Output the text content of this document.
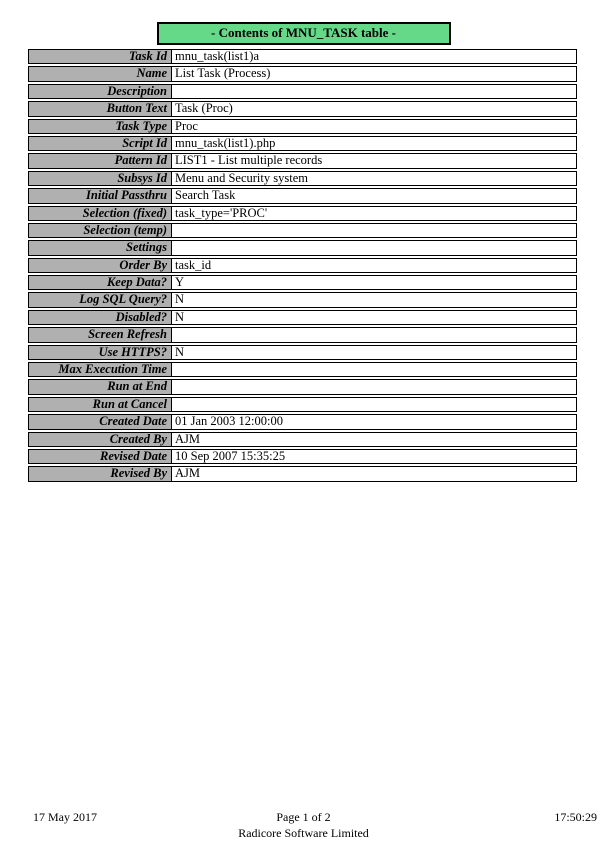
- Contents of MNU_TASK table -
Task Id mnu_task(list1)a
Name List Task (Process)
Description
Button Text Task (Proc)
Task Type Proc
Script Id mnu_task(list1).php
Pattern Id LIST1 - List multiple records
Subsys Id Menu and Security system
Initial Passthru Search Task
Selection (fixed) task_type='PROC'
Selection (temp)
Settings
Order By task_id
Keep Data? Y
Log SQL Query? N
Disabled? N
Screen Refresh
Use HTTPS? N
Max Execution Time
Run at End
Run at Cancel
Created Date 01 Jan 2003 12:00:00
Created By AJM
Revised Date 10 Sep 2007 15:35:25
Revised By AJM
17 May 2017	Page 1 of 2	17:50:29
Radicore Software Limited
